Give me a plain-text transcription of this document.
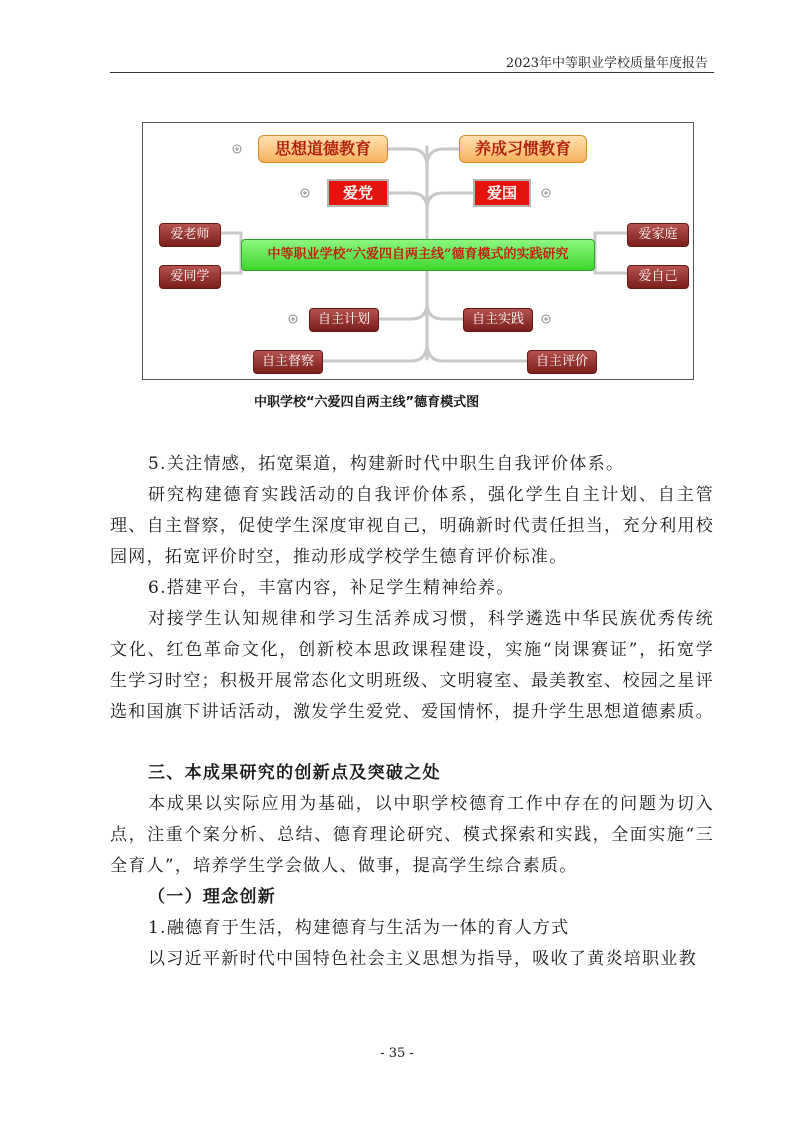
2023年中等职业学校质量年度报告
思想道德教育	养成习惯教育
爱党	爱国
爱老师
爱同学
爱家庭
爱自己
中等职业学校“六爱四自两主线”德育模式的实践研究
自主计划	自主实践
自主督察	自主评价
中职学校“六爱四自两主线”德育模式图

5.关注情感，拓宽渠道，构建新时代中职生自我评价体系。

研究构建德育实践活动的自我评价体系，强化学生自主计划、自主管理、自主督察，促使学生深度审视自己，明确新时代责任担当，充分利用校园网，拓宽评价时空，推动形成学校学生德育评价标准。

6.搭建平台，丰富内容，补足学生精神给养。

对接学生认知规律和学习生活养成习惯，科学遴选中华民族优秀传统文化、红色革命文化，创新校本思政课程建设，实施“岗课赛证”，拓宽学生学习时空；积极开展常态化文明班级、文明寝室、最美教室、校园之星评选和国旗下讲话活动，激发学生爱党、爱国情怀，提升学生思想道德素质。

三、本成果研究的创新点及突破之处

本成果以实际应用为基础，以中职学校德育工作中存在的问题为切入点，注重个案分析、总结、德育理论研究、模式探索和实践，全面实施“三全育人”，培养学生学会做人、做事，提高学生综合素质。

（一）理念创新

1.融德育于生活，构建德育与生活为一体的育人方式

以习近平新时代中国特色社会主义思想为指导，吸收了黄炎培职业教

- 35 -
